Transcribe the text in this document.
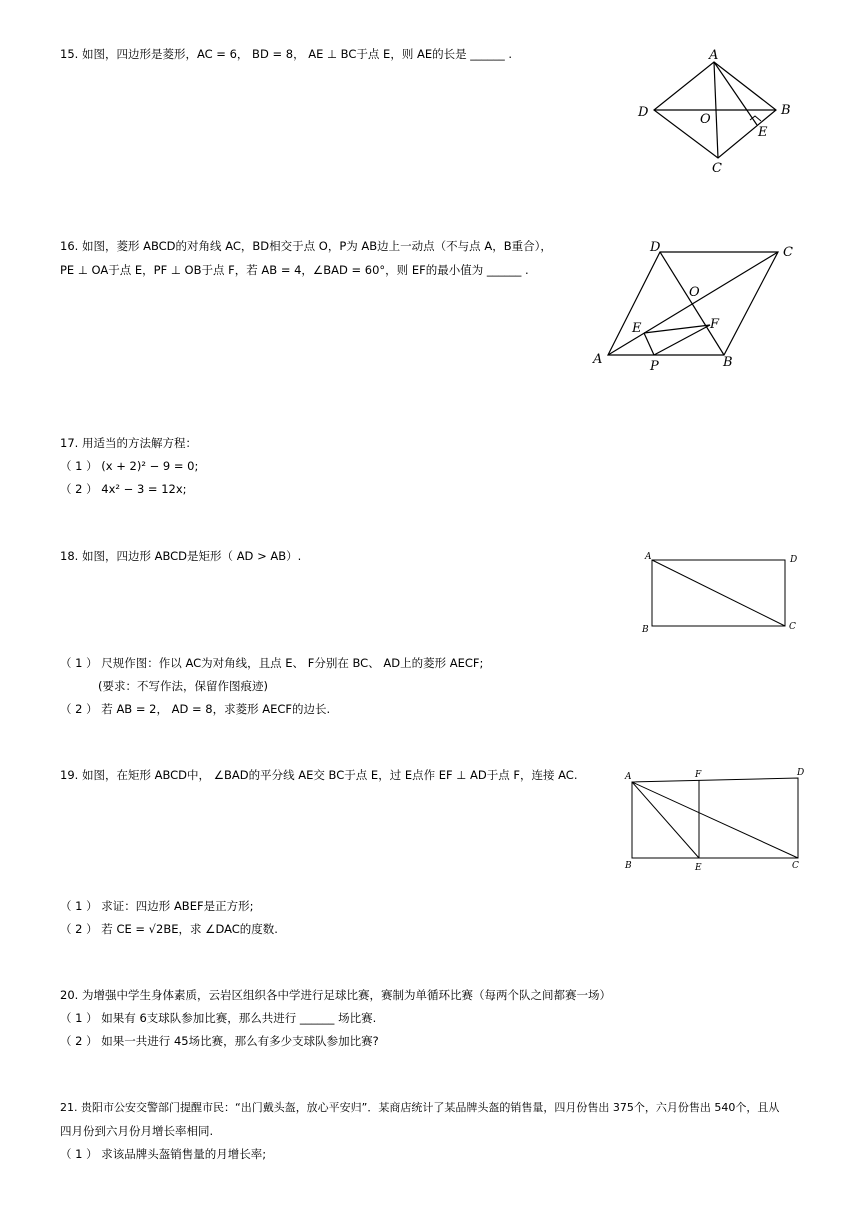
15. 如图，四边形是菱形，AC = 6， BD = 8， AE ⊥ BC于点 E，则 AE的长是 ______ .	A
B
C
D	O
E
16. 如图，菱形 ABCD的对角线 AC，BD相交于点 O，P为 AB边上一动点（不与点 A，B重合），
PE ⊥ OA于点 E，PF ⊥ OB于点 F，若 AB = 4，∠BAD = 60°，则 EF的最小值为 ______ .
D	C
O
E	F
A	P	B
17. 用适当的方法解方程：
（ 1 ） (x + 2)² − 9 = 0;
（ 2 ） 4x² − 3 = 12x;
18. 如图，四边形 ABCD是矩形（ AD > AB）.	A	D
B	C
（ 1 ） 尺规作图：作以 AC为对角线，且点 E、 F分别在 BC、 AD上的菱形 AECF;
(要求：不写作法，保留作图痕迹)
（ 2 ） 若 AB = 2， AD = 8，求菱形 AECF的边长.
19. 如图，在矩形 ABCD中， ∠BAD的平分线 AE交 BC于点 E，过 E点作 EF ⊥ AD于点 F，连接 AC.	A	F	D
B	E	C
（ 1 ） 求证：四边形 ABEF是正方形;
（ 2 ） 若 CE = √2BE，求 ∠DAC的度数.
20. 为增强中学生身体素质，云岩区组织各中学进行足球比赛，赛制为单循环比赛（每两个队之间都赛一场）
（ 1 ） 如果有 6支球队参加比赛，那么共进行 ______ 场比赛.
（ 2 ） 如果一共进行 45场比赛，那么有多少支球队参加比赛?
21. 贵阳市公安交警部门提醒市民：“出门戴头盔，放心平安归”．某商店统计了某品牌头盔的销售量，四月份售出 375个，六月份售出 540个，且从
四月份到六月份月增长率相同.
（ 1 ） 求该品牌头盔销售量的月增长率;
